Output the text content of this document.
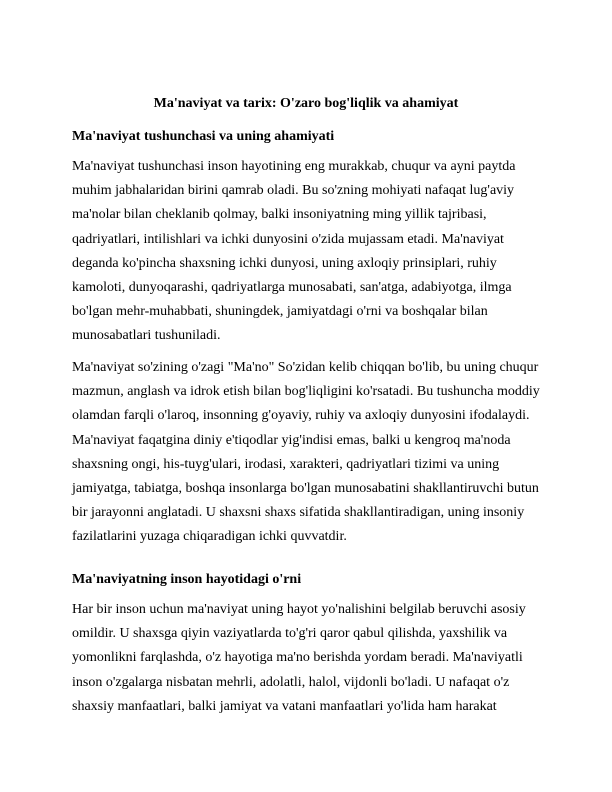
Ma'naviyat va tarix: O'zaro bog'liqlik va ahamiyat
Ma'naviyat tushunchasi va uning ahamiyati
Ma'naviyat tushunchasi inson hayotining eng murakkab, chuqur va ayni paytda
muhim jabhalaridan birini qamrab oladi. Bu so'zning mohiyati nafaqat lug'aviy
ma'nolar bilan cheklanib qolmay, balki insoniyatning ming yillik tajribasi,
qadriyatlari, intilishlari va ichki dunyosini o'zida mujassam etadi. Ma'naviyat
deganda ko'pincha shaxsning ichki dunyosi, uning axloqiy prinsiplari, ruhiy
kamoloti, dunyoqarashi, qadriyatlarga munosabati, san'atga, adabiyotga, ilmga
bo'lgan mehr-muhabbati, shuningdek, jamiyatdagi o'rni va boshqalar bilan
munosabatlari tushuniladi.
Ma'naviyat so'zining o'zagi "Ma'no" So'zidan kelib chiqqan bo'lib, bu uning chuqur
mazmun, anglash va idrok etish bilan bog'liqligini ko'rsatadi. Bu tushuncha moddiy
olamdan farqli o'laroq, insonning g'oyaviy, ruhiy va axloqiy dunyosini ifodalaydi.
Ma'naviyat faqatgina diniy e'tiqodlar yig'indisi emas, balki u kengroq ma'noda
shaxsning ongi, his-tuyg'ulari, irodasi, xarakteri, qadriyatlari tizimi va uning
jamiyatga, tabiatga, boshqa insonlarga bo'lgan munosabatini shakllantiruvchi butun
bir jarayonni anglatadi. U shaxsni shaxs sifatida shakllantiradigan, uning insoniy
fazilatlarini yuzaga chiqaradigan ichki quvvatdir.
Ma'naviyatning inson hayotidagi o'rni
Har bir inson uchun ma'naviyat uning hayot yo'nalishini belgilab beruvchi asosiy
omildir. U shaxsga qiyin vaziyatlarda to'g'ri qaror qabul qilishda, yaxshilik va
yomonlikni farqlashda, o'z hayotiga ma'no berishda yordam beradi. Ma'naviyatli
inson o'zgalarga nisbatan mehrli, adolatli, halol, vijdonli bo'ladi. U nafaqat o'z
shaxsiy manfaatlari, balki jamiyat va vatani manfaatlari yo'lida ham harakat
